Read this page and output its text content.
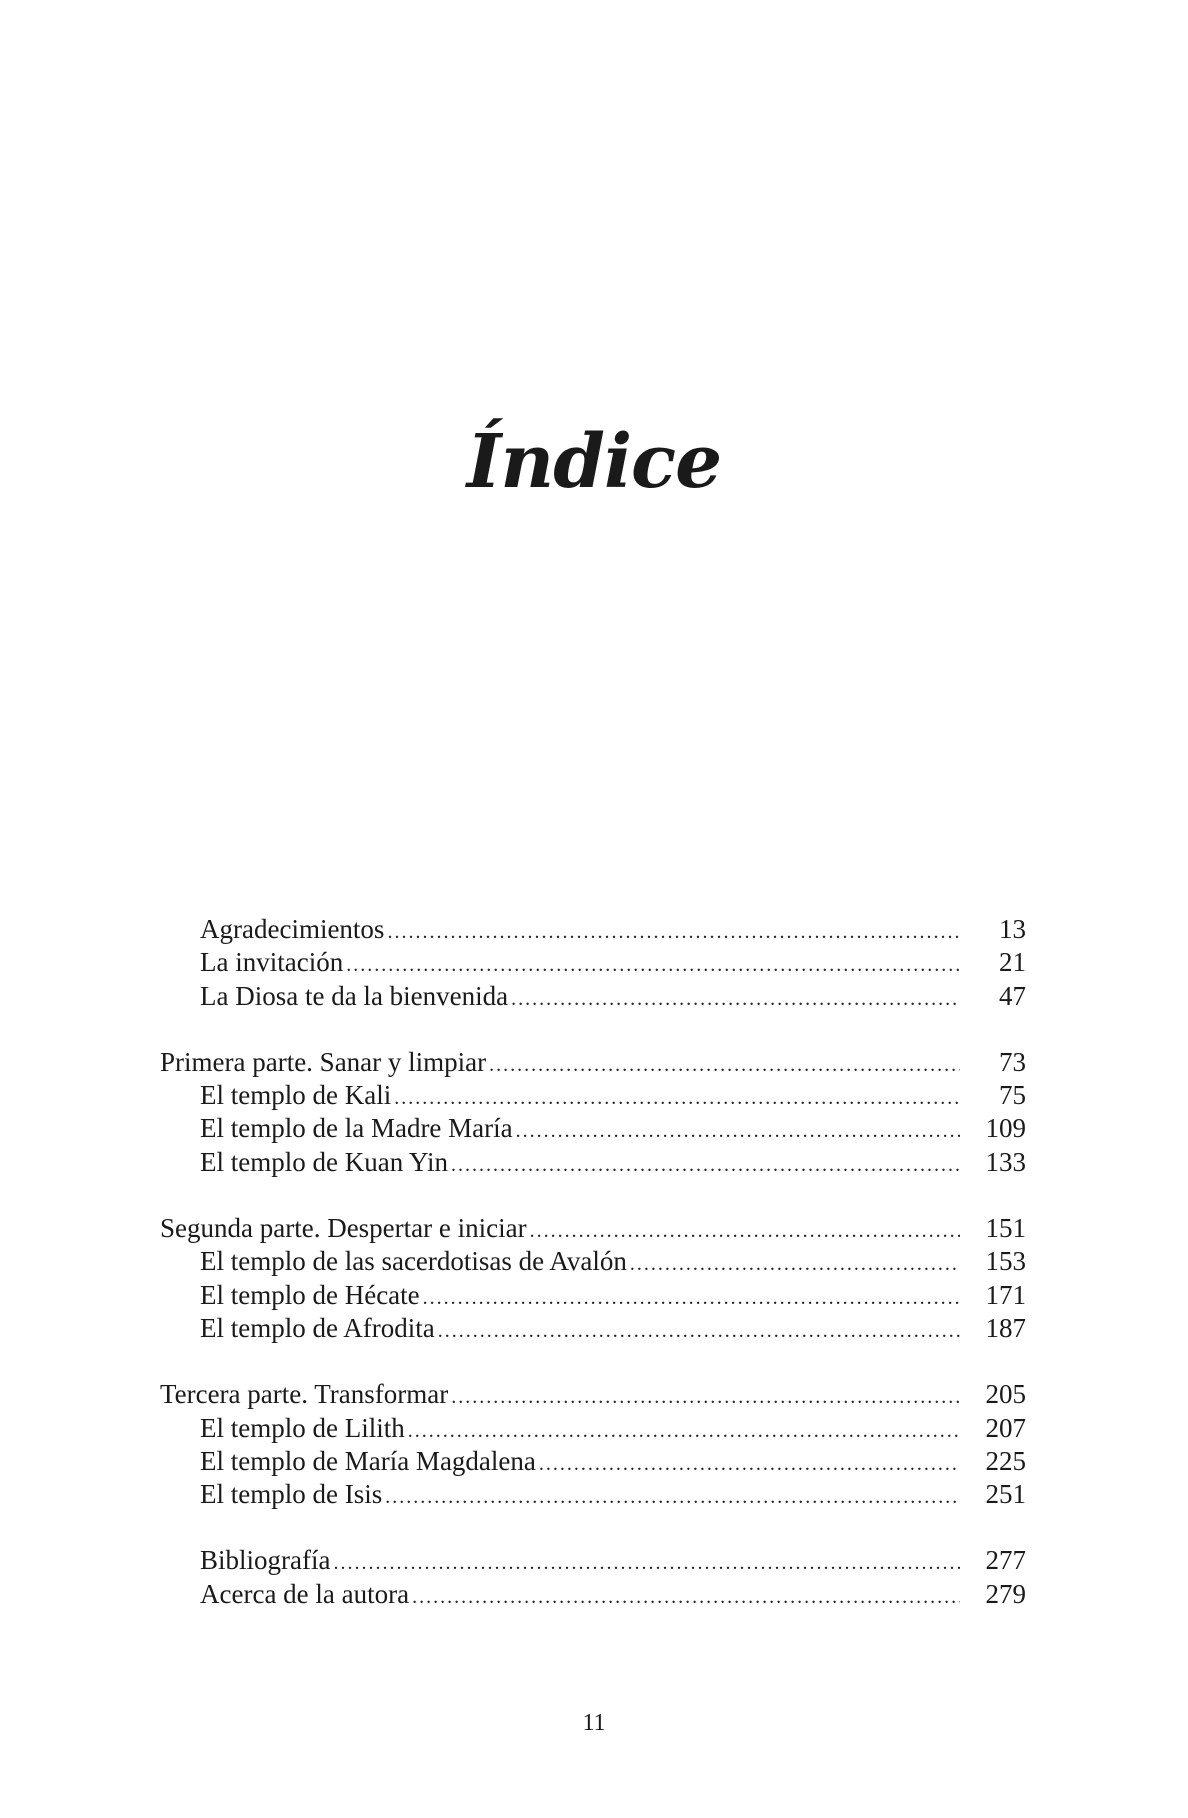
Índice
Agradecimientos .....	13
La invitación .....	21
La Diosa te da la bienvenida .....	47
Primera parte. Sanar y limpiar .....	73
El templo de Kali .....	75
El templo de la Madre María .....	109
El templo de Kuan Yin .....	133
Segunda parte. Despertar e iniciar .....	151
El templo de las sacerdotisas de Avalón .....	153
El templo de Hécate .....	171
El templo de Afrodita .....	187
Tercera parte. Transformar .....	205
El templo de Lilith .....	207
El templo de María Magdalena .....	225
El templo de Isis .....	251
Bibliografía .....	277
Acerca de la autora .....	279
11
